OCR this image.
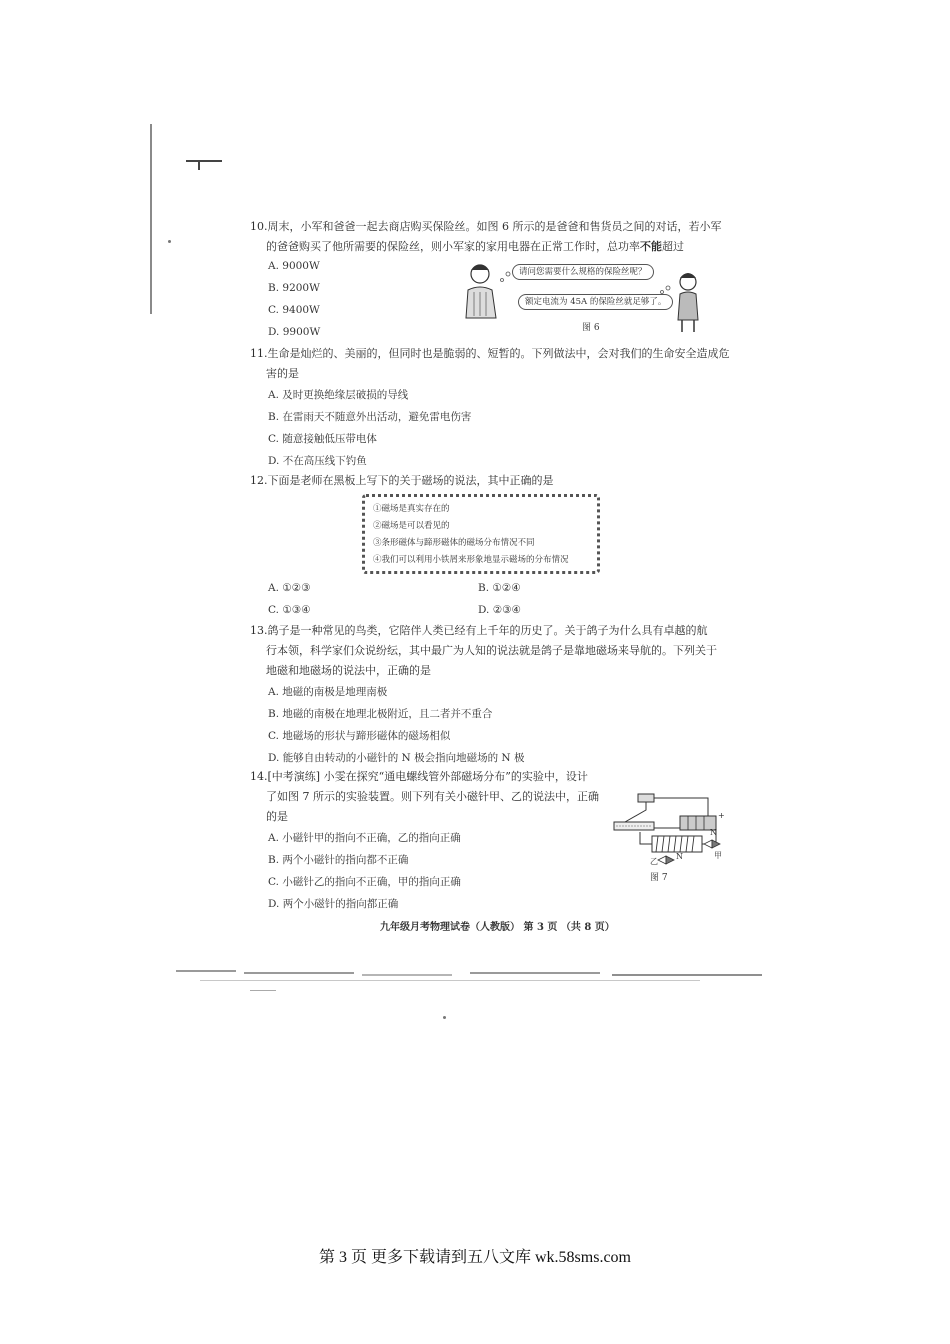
10.周末，小军和爸爸一起去商店购买保险丝。如图 6 所示的是爸爸和售货员之间的对话，若小军
的爸爸购买了他所需要的保险丝，则小军家的家用电器在正常工作时，总功率不能超过
A. 9000W
B. 9200W
C. 9400W
D. 9900W
请问您需要什么规格的保险丝呢？
额定电流为 45A 的保险丝就足够了。
图 6
11.生命是灿烂的、美丽的，但同时也是脆弱的、短暂的。下列做法中，会对我们的生命安全造成危
害的是
A. 及时更换绝缘层破损的导线
B. 在雷雨天不随意外出活动，避免雷电伤害
C. 随意接触低压带电体
D. 不在高压线下钓鱼
12.下面是老师在黑板上写下的关于磁场的说法，其中正确的是
①磁场是真实存在的
②磁场是可以看见的
③条形磁体与蹄形磁体的磁场分布情况不同
④我们可以利用小铁屑来形象地显示磁场的分布情况
A. ①②③	B. ①②④
C. ①③④	D. ②③④
13.鸽子是一种常见的鸟类，它陪伴人类已经有上千年的历史了。关于鸽子为什么具有卓越的航
行本领，科学家们众说纷纭，其中最广为人知的说法就是鸽子是靠地磁场来导航的。下列关于
地磁和地磁场的说法中，正确的是
A. 地磁的南极是地理南极
B. 地磁的南极在地理北极附近，且二者并不重合
C. 地磁场的形状与蹄形磁体的磁场相似
D. 能够自由转动的小磁针的 N 极会指向地磁场的 N 极
14.[中考演练] 小雯在探究“通电螺线管外部磁场分布”的实验中，设计
了如图 7 所示的实验装置。则下列有关小磁针甲、乙的说法中，正确
的是
A. 小磁针甲的指向不正确，乙的指向正确
B. 两个小磁针的指向都不正确
C. 小磁针乙的指向不正确，甲的指向正确
D. 两个小磁针的指向都正确
+
N
甲
N
乙
图 7
九年级月考物理试卷（人教版） 第 3 页 （共 8 页）
第 3 页 更多下载请到五八文库 wk.58sms.com
